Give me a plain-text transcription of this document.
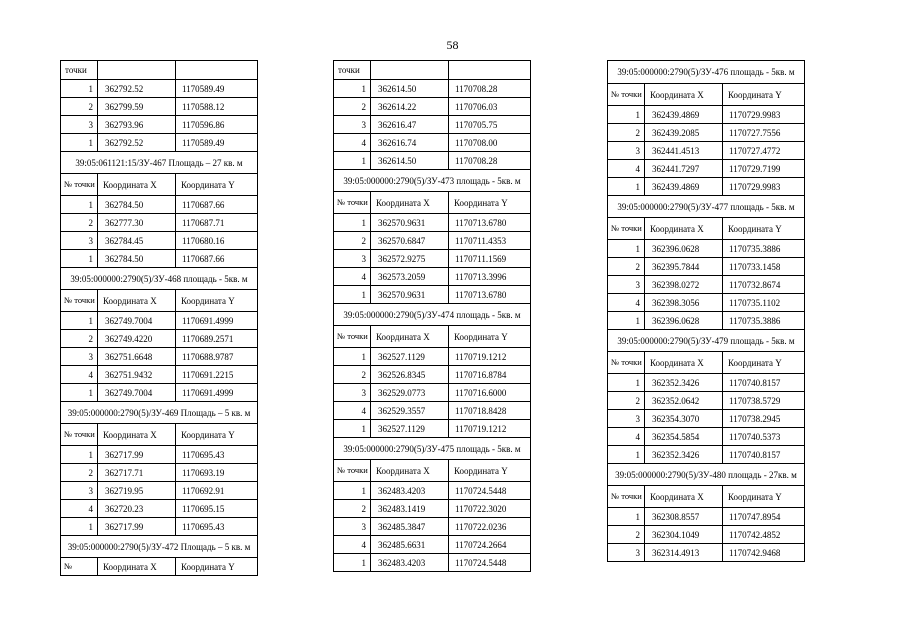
58
точки
1	362792.52	1170589.49
2	362799.59	1170588.12
3	362793.96	1170596.86
1	362792.52	1170589.49
39:05:061121:15/ЗУ-467 Площадь – 27 кв. м
№ точки Координата X	Координата Y
1	362784.50	1170687.66
2	362777.30	1170687.71
3	362784.45	1170680.16
1	362784.50	1170687.66
39:05:000000:2790(5)/ЗУ-468 площадь - 5кв. м
№ точки Координата X	Координата Y
1	362749.7004	1170691.4999
2	362749.4220	1170689.2571
3	362751.6648	1170688.9787
4	362751.9432	1170691.2215
1	362749.7004	1170691.4999
39:05:000000:2790(5)/ЗУ-469 Площадь – 5 кв. м
№ точки Координата X	Координата Y
1	362717.99	1170695.43
2	362717.71	1170693.19
3	362719.95	1170692.91
4	362720.23	1170695.15
1	362717.99	1170695.43
39:05:000000:2790(5)/ЗУ-472 Площадь – 5 кв. м
№	Координата X	Координата Y
точки
1	362614.50	1170708.28
2	362614.22	1170706.03
3	362616.47	1170705.75
4	362616.74	1170708.00
1	362614.50	1170708.28
39:05:000000:2790(5)/ЗУ-473 площадь - 5кв. м
№ точки Координата X	Координата Y
1	362570.9631	1170713.6780
2	362570.6847	1170711.4353
3	362572.9275	1170711.1569
4	362573.2059	1170713.3996
1	362570.9631	1170713.6780
39:05:000000:2790(5)/ЗУ-474 площадь - 5кв. м
№ точки Координата X	Координата Y
1	362527.1129	1170719.1212
2	362526.8345	1170716.8784
3	362529.0773	1170716.6000
4	362529.3557	1170718.8428
1	362527.1129	1170719.1212
39:05:000000:2790(5)/ЗУ-475 площадь - 5кв. м
№ точки Координата X	Координата Y
1	362483.4203	1170724.5448
2	362483.1419	1170722.3020
3	362485.3847	1170722.0236
4	362485.6631	1170724.2664
1	362483.4203	1170724.5448
39:05:000000:2790(5)/ЗУ-476 площадь - 5кв. м
№ точки Координата X	Координата Y
1	362439.4869	1170729.9983
2	362439.2085	1170727.7556
3	362441.4513	1170727.4772
4	362441.7297	1170729.7199
1	362439.4869	1170729.9983
39:05:000000:2790(5)/ЗУ-477 площадь - 5кв. м
№ точки Координата X	Координата Y
1	362396.0628	1170735.3886
2	362395.7844	1170733.1458
3	362398.0272	1170732.8674
4	362398.3056	1170735.1102
1	362396.0628	1170735.3886
39:05:000000:2790(5)/ЗУ-479 площадь - 5кв. м
№ точки Координата X	Координата Y
1	362352.3426	1170740.8157
2	362352.0642	1170738.5729
3	362354.3070	1170738.2945
4	362354.5854	1170740.5373
1	362352.3426	1170740.8157
39:05:000000:2790(5)/ЗУ-480 площадь - 27кв. м
№ точки Координата X	Координата Y
1	362308.8557	1170747.8954
2	362304.1049	1170742.4852
3	362314.4913	1170742.9468
